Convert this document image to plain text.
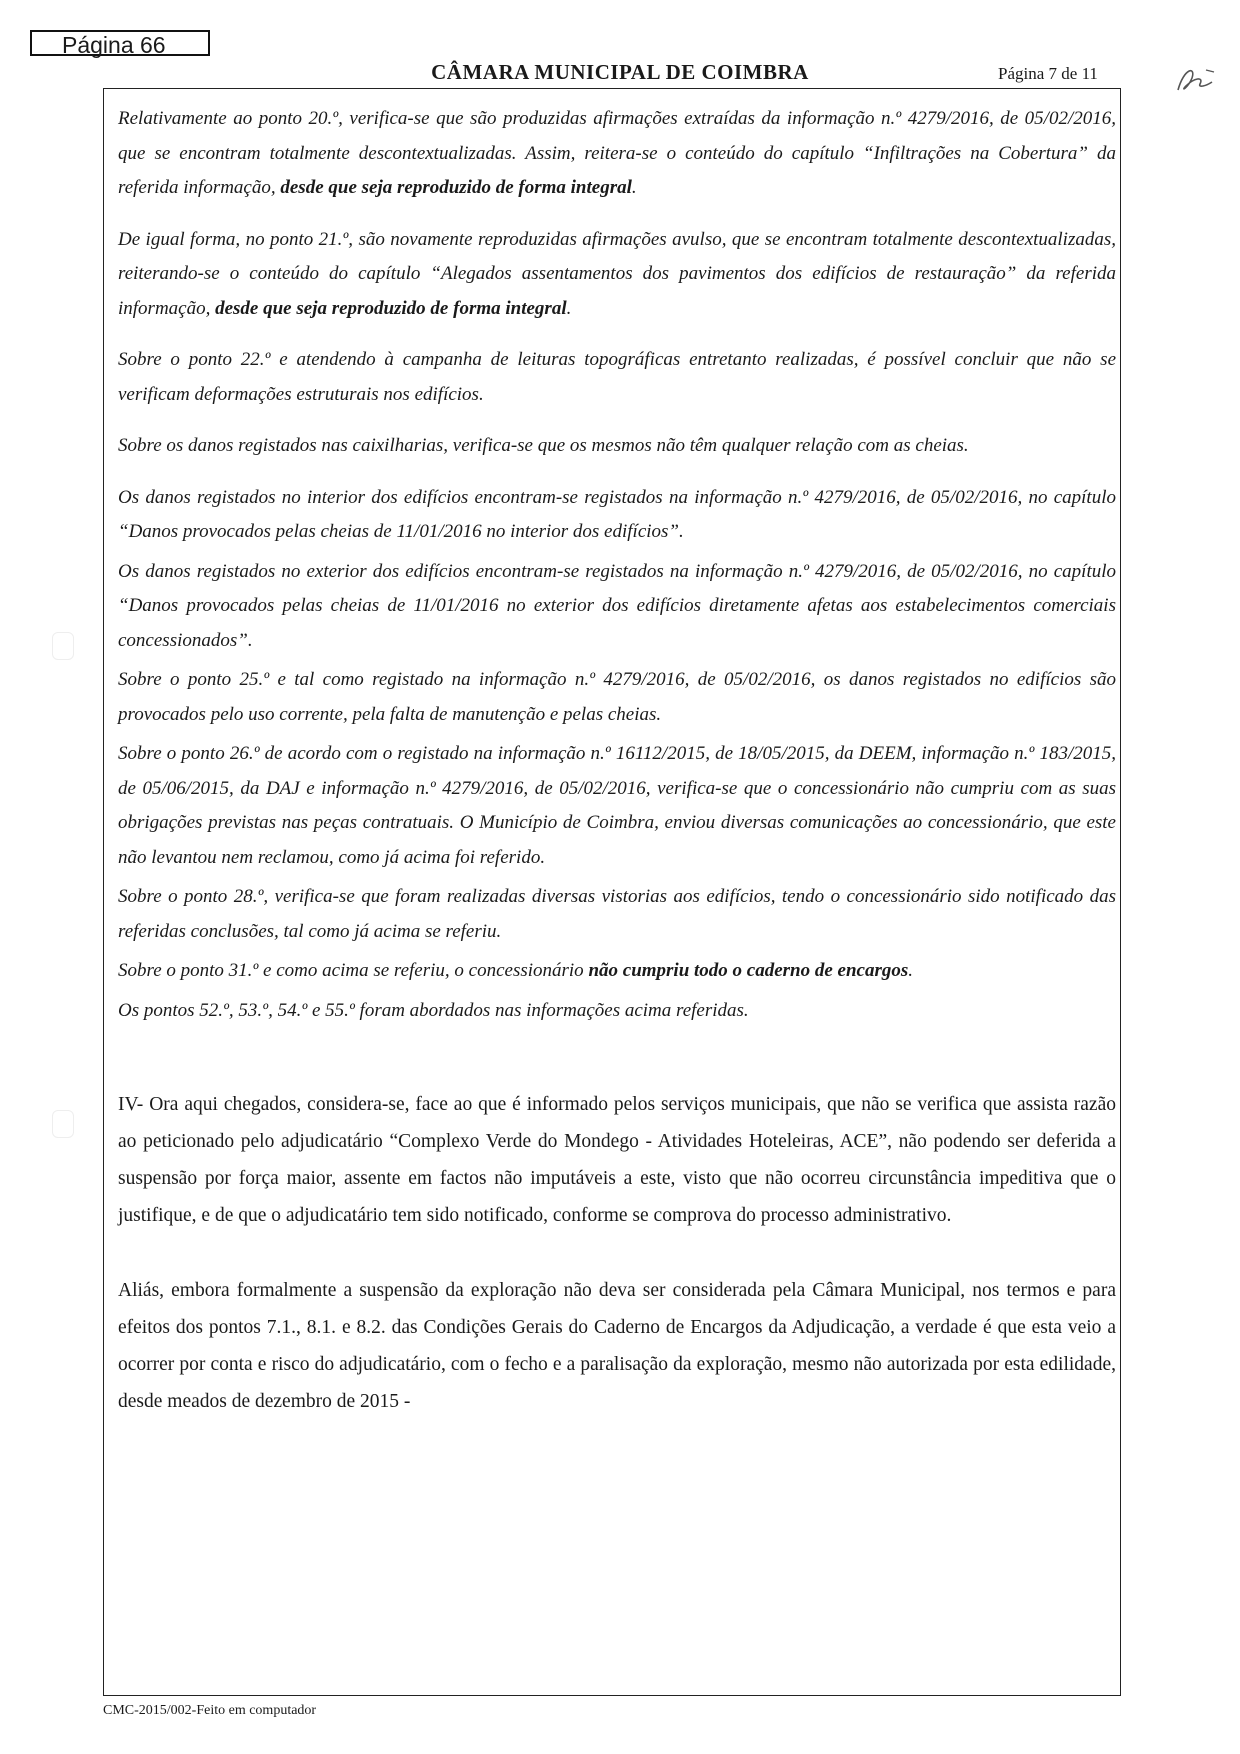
Página 66
CÂMARA MUNICIPAL DE COIMBRA	Página 7 de 11

Relativamente ao ponto 20.º, verifica-se que são produzidas afirmações extraídas da informação n.º 4279/2016, de 05/02/2016, que se encontram totalmente descontextualizadas. Assim, reitera-se o conteúdo do capítulo “Infiltrações na Cobertura” da referida informação, desde que seja reproduzido de forma integral.

De igual forma, no ponto 21.º, são novamente reproduzidas afirmações avulso, que se encontram totalmente descontextualizadas, reiterando-se o conteúdo do capítulo “Alegados assentamentos dos pavimentos dos edifícios de restauração” da referida informação, desde que seja reproduzido de forma integral.

Sobre o ponto 22.º e atendendo à campanha de leituras topográficas entretanto realizadas, é possível concluir que não se verificam deformações estruturais nos edifícios.

Sobre os danos registados nas caixilharias, verifica-se que os mesmos não têm qualquer relação com as cheias.

Os danos registados no interior dos edifícios encontram-se registados na informação n.º 4279/2016, de 05/02/2016, no capítulo “Danos provocados pelas cheias de 11/01/2016 no interior dos edifícios”.

Os danos registados no exterior dos edifícios encontram-se registados na informação n.º 4279/2016, de 05/02/2016, no capítulo “Danos provocados pelas cheias de 11/01/2016 no exterior dos edifícios diretamente afetas aos estabelecimentos comerciais concessionados”.

Sobre o ponto 25.º e tal como registado na informação n.º 4279/2016, de 05/02/2016, os danos registados no edifícios são provocados pelo uso corrente, pela falta de manutenção e pelas cheias.

Sobre o ponto 26.º de acordo com o registado na informação n.º 16112/2015, de 18/05/2015, da DEEM, informação n.º 183/2015, de 05/06/2015, da DAJ e informação n.º 4279/2016, de 05/02/2016, verifica-se que o concessionário não cumpriu com as suas obrigações previstas nas peças contratuais. O Município de Coimbra, enviou diversas comunicações ao concessionário, que este não levantou nem reclamou, como já acima foi referido.

Sobre o ponto 28.º, verifica-se que foram realizadas diversas vistorias aos edifícios, tendo o concessionário sido notificado das referidas conclusões, tal como já acima se referiu.

Sobre o ponto 31.º e como acima se referiu, o concessionário não cumpriu todo o caderno de encargos.

Os pontos 52.º, 53.º, 54.º e 55.º foram abordados nas informações acima referidas.

IV- Ora aqui chegados, considera-se, face ao que é informado pelos serviços municipais, que não se verifica que assista razão ao peticionado pelo adjudicatário “Complexo Verde do Mondego - Atividades Hoteleiras, ACE”, não podendo ser deferida a suspensão por força maior, assente em factos não imputáveis a este, visto que não ocorreu circunstância impeditiva que o justifique, e de que o adjudicatário tem sido notificado, conforme se comprova do processo administrativo.

Aliás, embora formalmente a suspensão da exploração não deva ser considerada pela Câmara Municipal, nos termos e para efeitos dos pontos 7.1., 8.1. e 8.2. das Condições Gerais do Caderno de Encargos da Adjudicação, a verdade é que esta veio a ocorrer por conta e risco do adjudicatário, com o fecho e a paralisação da exploração, mesmo não autorizada por esta edilidade, desde meados de dezembro de 2015 -

CMC-2015/002-Feito em computador
